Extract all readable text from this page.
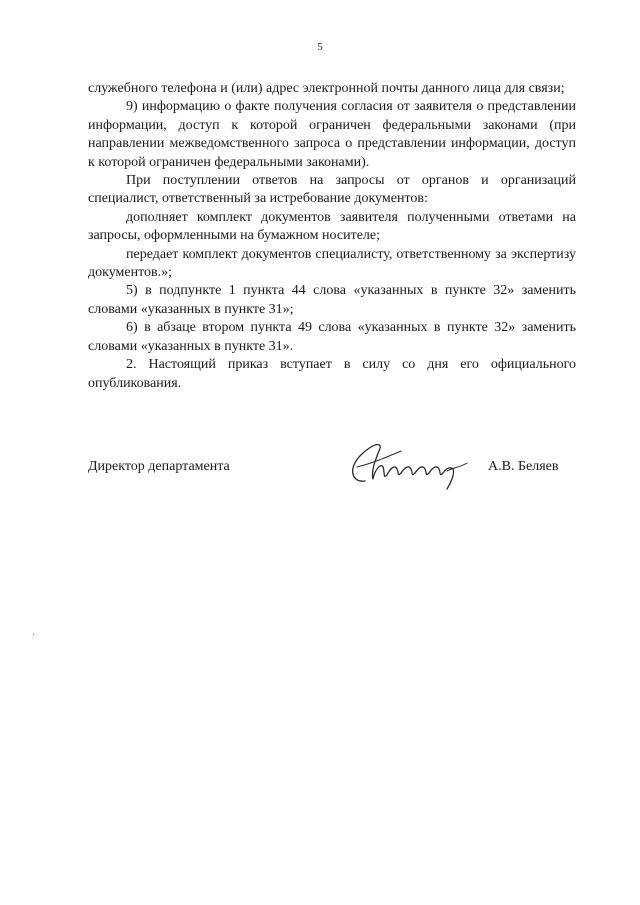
5

служебного телефона и (или) адрес электронной почты данного лица для связи;

9) информацию о факте получения согласия от заявителя о представлении информации, доступ к которой ограничен федеральными законами (при направлении межведомственного запроса о представлении информации, доступ к которой ограничен федеральными законами).

При поступлении ответов на запросы от органов и организаций специалист, ответственный за истребование документов:

дополняет комплект документов заявителя полученными ответами на запросы, оформленными на бумажном носителе;

передает комплект документов специалисту, ответственному за экспертизу документов.»;

5) в подпункте 1 пункта 44 слова «указанных в пункте 32» заменить словами «указанных в пункте 31»;

6) в абзаце втором пункта 49 слова «указанных в пункте 32» заменить словами «указанных в пункте 31».

2. Настоящий приказ вступает в силу со дня его официального опубликования.

Директор департамента	А.В. Беляев
'
